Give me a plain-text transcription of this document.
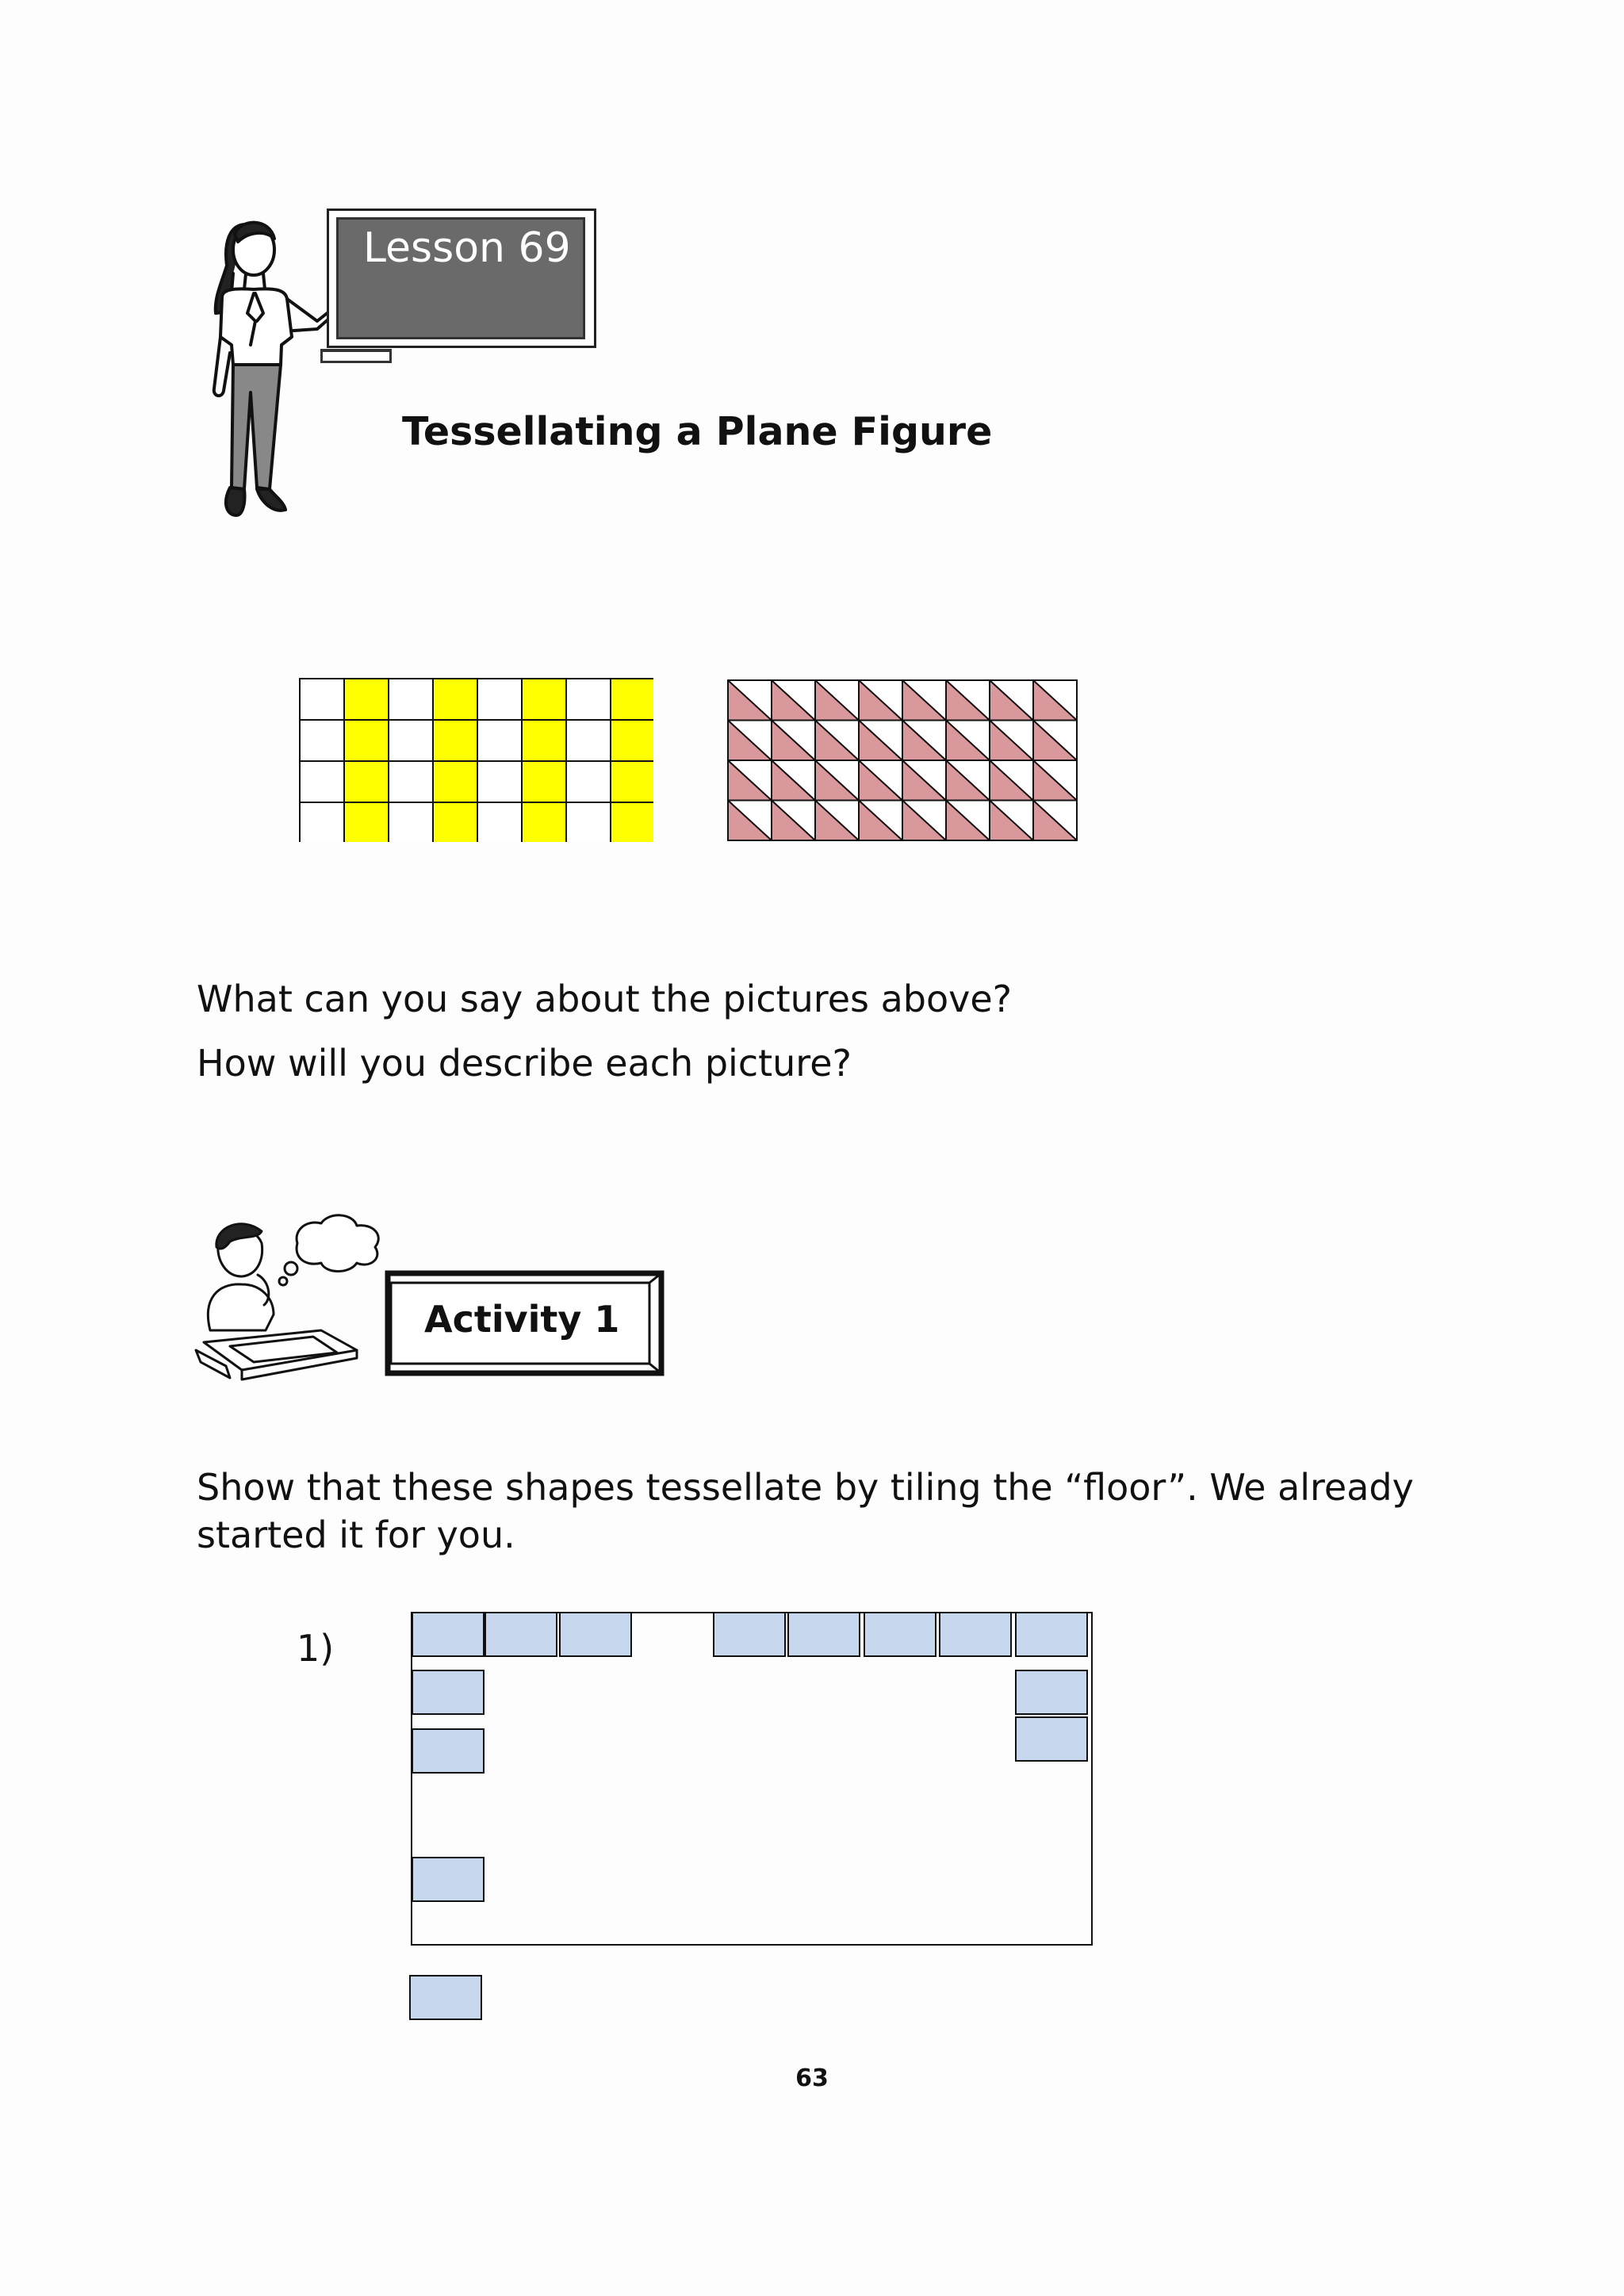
Lesson 69
Tessellating a Plane Figure
What can you say about the pictures above?
How will you describe each picture?
Activity 1
Show that these shapes tessellate by tiling the “floor”. We already
started it for you.
1)
63
